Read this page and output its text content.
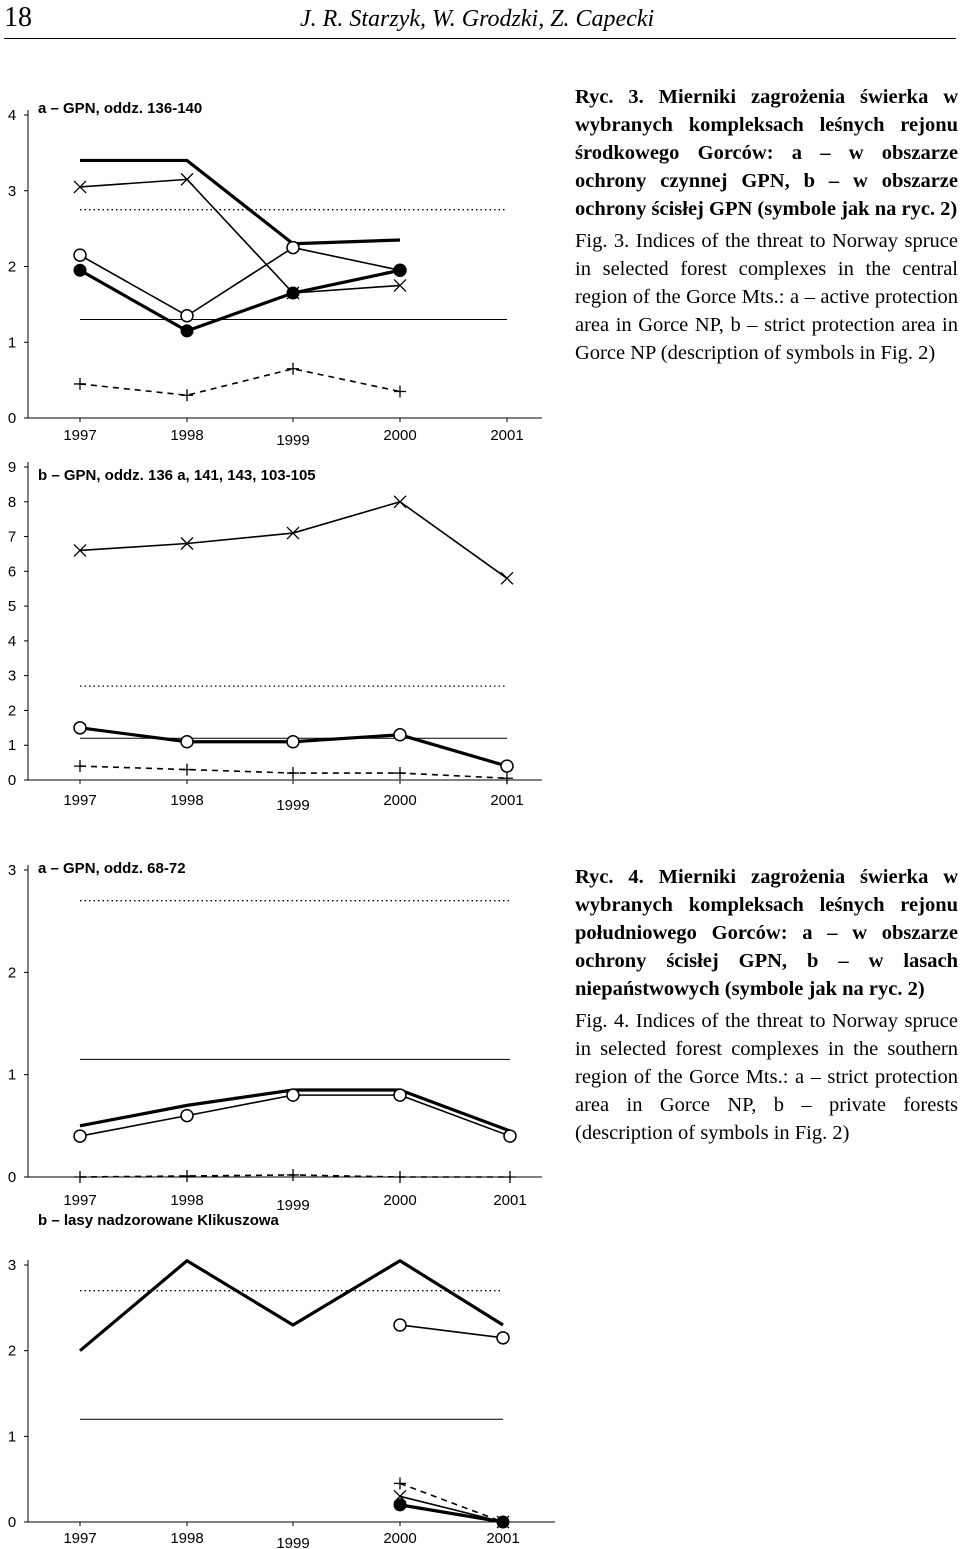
18	J. R. Starzyk, W. Grodzki, Z. Capecki

Ryc. 3. Mierniki zagrożenia świerka w wybranych kompleksach leśnych rejonu środkowego Gorców: a – w obszarze ochrony czynnej GPN, b – w obszarze ochrony ścisłej GPN (symbole jak na ryc. 2)

Fig. 3. Indices of the threat to Norway spruce in selected forest complexes in the central region of the Gorce Mts.: a – active protection area in Gorce NP, b – strict protection area in Gorce NP (description of symbols in Fig. 2)

Ryc. 4. Mierniki zagrożenia świerka w wybranych kompleksach leśnych rejonu południowego Gorców: a – w obszarze ochrony ścisłej GPN, b – w lasach niepaństwowych (symbole jak na ryc. 2)

Fig. 4. Indices of the threat to Norway spruce in selected forest complexes in the southern region of the Gorce Mts.: a – strict protection area in Gorce NP, b – private forests (description of symbols in Fig. 2)

0
1
2
3
4
1997	1998	1999	2000	2001
a – GPN, oddz. 136-140
0
1
2
3
4
5
6
7
8
9
1997	1998	1999	2000	2001
b – GPN, oddz. 136 a, 141, 143, 103-105
0
1
2
3
1997	1998	1999	2000	2001
a – GPN, oddz. 68-72
0
1
2
3
1997	1998	1999	2000	2001
b – lasy nadzorowane Klikuszowa
